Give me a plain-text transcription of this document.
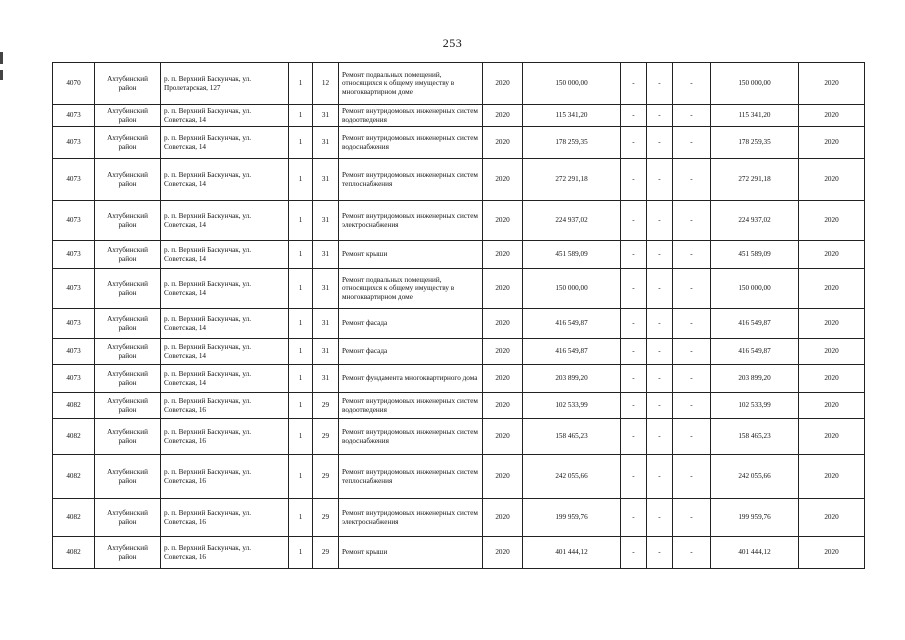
253
4070	Ахтубинский район	р. п. Верхний Баскунчак, ул. Пролетарская, 127	1	12	Ремонт подвальных помещений, относящихся к общему имуществу в многоквартирном доме	2020	150 000,00	-	-	-	150 000,00	2020
4073	Ахтубинский район	р. п. Верхний Баскунчак, ул. Советская, 14	1	31	Ремонт внутридомовых инженерных систем водоотведения	2020	115 341,20	-	-	-	115 341,20	2020
4073	Ахтубинский район	р. п. Верхний Баскунчак, ул. Советская, 14	1	31	Ремонт внутридомовых инженерных систем водоснабжения	2020	178 259,35	-	-	-	178 259,35	2020
4073	Ахтубинский район	р. п. Верхний Баскунчак, ул. Советская, 14	1	31	Ремонт внутридомовых инженерных систем теплоснабжения	2020	272 291,18	-	-	-	272 291,18	2020
4073	Ахтубинский район	р. п. Верхний Баскунчак, ул. Советская, 14	1	31	Ремонт внутридомовых инженерных систем электроснабжения	2020	224 937,02	-	-	-	224 937,02	2020
4073	Ахтубинский район	р. п. Верхний Баскунчак, ул. Советская, 14	1	31	Ремонт крыши	2020	451 589,09	-	-	-	451 589,09	2020
4073	Ахтубинский район	р. п. Верхний Баскунчак, ул. Советская, 14	1	31	Ремонт подвальных помещений, относящихся к общему имуществу в многоквартирном доме	2020	150 000,00	-	-	-	150 000,00	2020
4073	Ахтубинский район	р. п. Верхний Баскунчак, ул. Советская, 14	1	31	Ремонт фасада	2020	416 549,87	-	-	-	416 549,87	2020
4073	Ахтубинский район	р. п. Верхний Баскунчак, ул. Советская, 14	1	31	Ремонт фасада	2020	416 549,87	-	-	-	416 549,87	2020
4073	Ахтубинский район	р. п. Верхний Баскунчак, ул. Советская, 14	1	31	Ремонт фундамента многоквартирного дома	2020	203 899,20	-	-	-	203 899,20	2020
4082	Ахтубинский район	р. п. Верхний Баскунчак, ул. Советская, 16	1	29	Ремонт внутридомовых инженерных систем водоотведения	2020	102 533,99	-	-	-	102 533,99	2020
4082	Ахтубинский район	р. п. Верхний Баскунчак, ул. Советская, 16	1	29	Ремонт внутридомовых инженерных систем водоснабжения	2020	158 465,23	-	-	-	158 465,23	2020
4082	Ахтубинский район	р. п. Верхний Баскунчак, ул. Советская, 16	1	29	Ремонт внутридомовых инженерных систем теплоснабжения	2020	242 055,66	-	-	-	242 055,66	2020
4082	Ахтубинский район	р. п. Верхний Баскунчак, ул. Советская, 16	1	29	Ремонт внутридомовых инженерных систем электроснабжения	2020	199 959,76	-	-	-	199 959,76	2020
4082	Ахтубинский район	р. п. Верхний Баскунчак, ул. Советская, 16	1	29	Ремонт крыши	2020	401 444,12	-	-	-	401 444,12	2020
